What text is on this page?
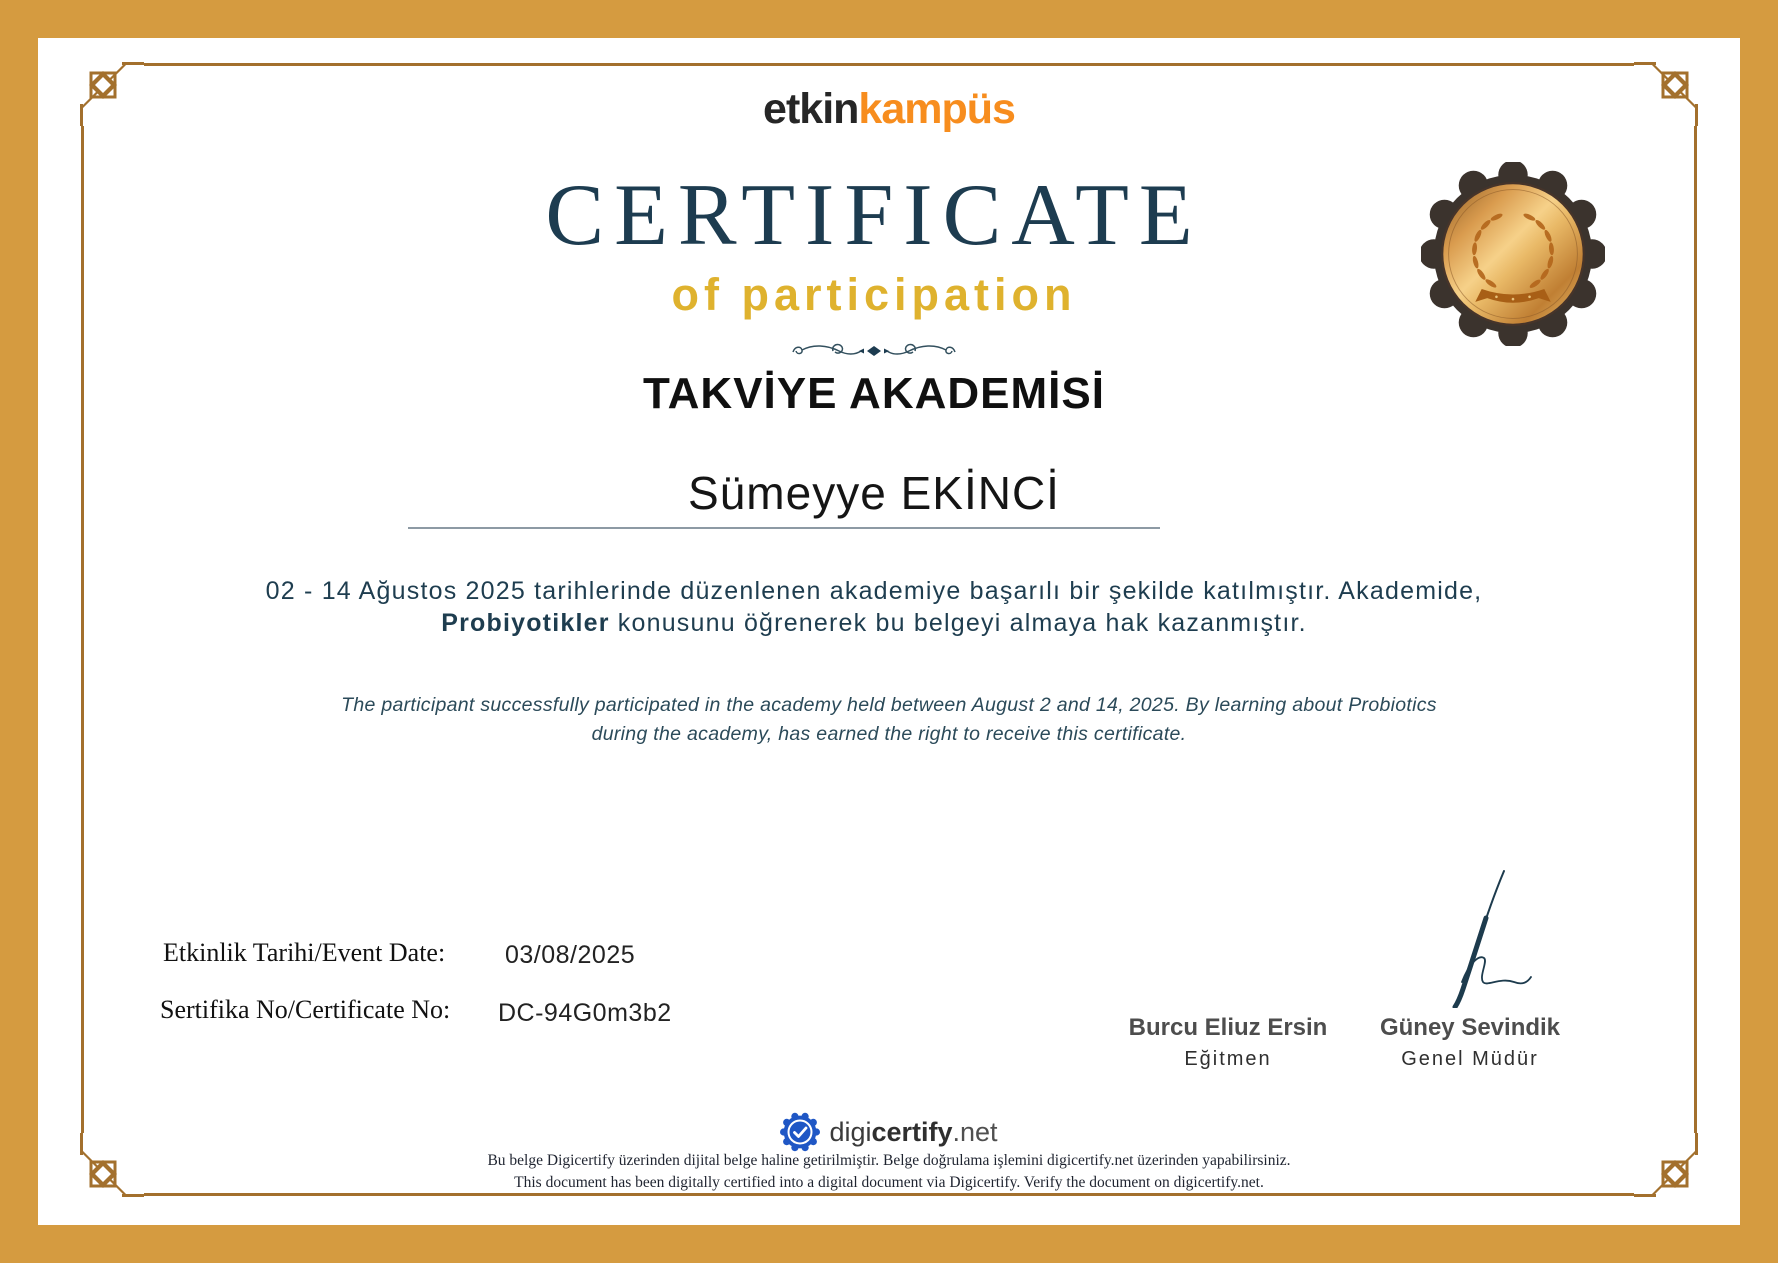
etkinkampüs
CERTIFICATE
of participation
TAKVİYE AKADEMİSİ
Sümeyye EKİNCİ
02 - 14 Ağustos 2025 tarihlerinde düzenlenen akademiye başarılı bir şekilde katılmıştır. Akademide,
Probiyotikler konusunu öğrenerek bu belgeyi almaya hak kazanmıştır.
The participant successfully participated in the academy held between August 2 and 14, 2025. By learning about Probiotics
during the academy, has earned the right to receive this certificate.
Etkinlik Tarihi/Event Date: 03/08/2025
Sertifika No/Certificate No: DC-94G0m3b2
Burcu Eliuz Ersin
Eğitmen
Güney Sevindik
Genel Müdür
digicertify.net
Bu belge Digicertify üzerinden dijital belge haline getirilmiştir. Belge doğrulama işlemini digicertify.net üzerinden yapabilirsiniz.
This document has been digitally certified into a digital document via Digicertify. Verify the document on digicertify.net.
